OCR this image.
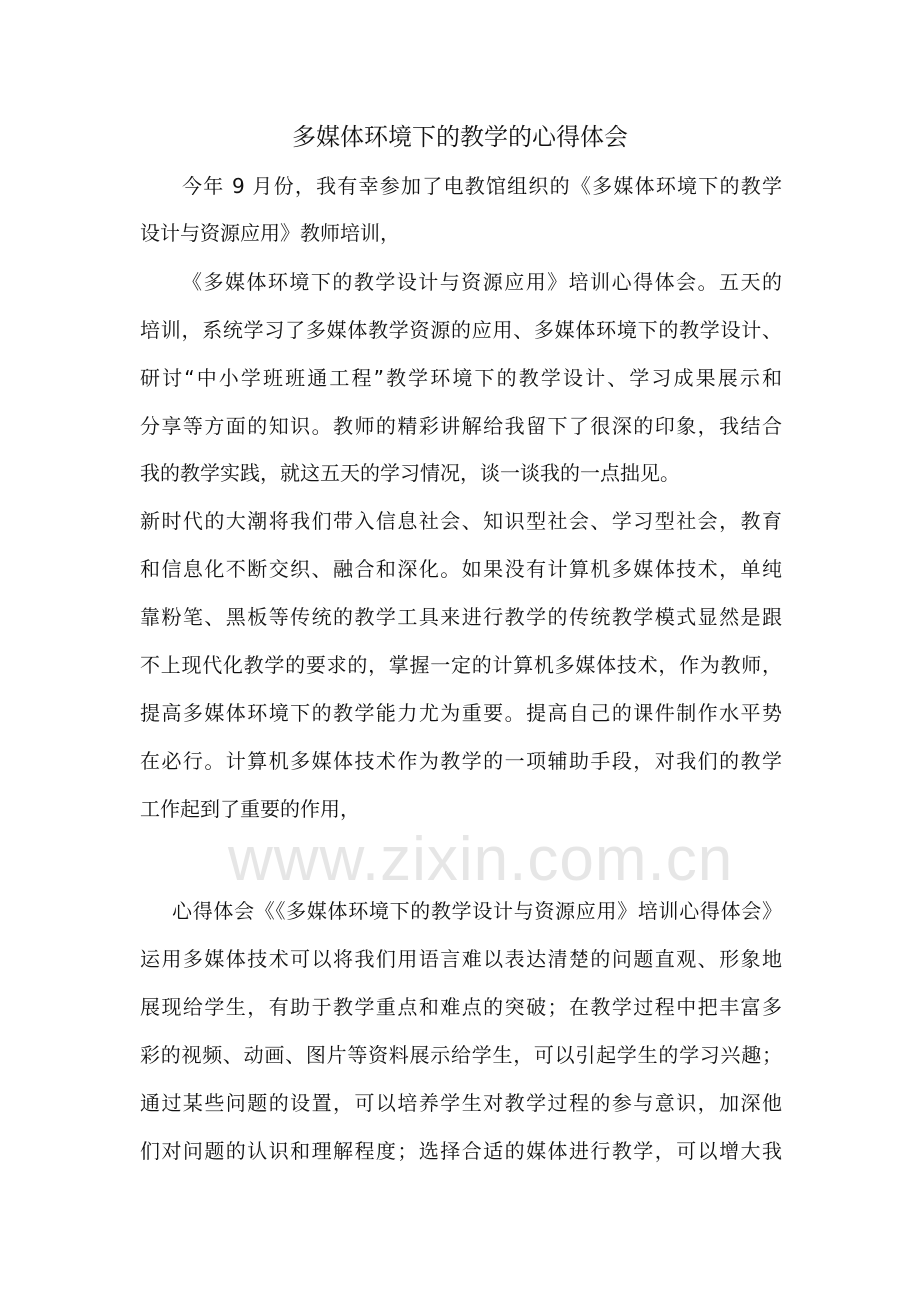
多媒体环境下的教学的心得体会
今年 9 月份，我有幸参加了电教馆组织的《多媒体环境下的教学
设计与资源应用》教师培训，
《多媒体环境下的教学设计与资源应用》培训心得体会。五天的
培训，系统学习了多媒体教学资源的应用、多媒体环境下的教学设计、
研讨“中小学班班通工程”教学环境下的教学设计、学习成果展示和
分享等方面的知识。教师的精彩讲解给我留下了很深的印象，我结合
我的教学实践，就这五天的学习情况，谈一谈我的一点拙见。
新时代的大潮将我们带入信息社会、知识型社会、学习型社会，教育
和信息化不断交织、融合和深化。如果没有计算机多媒体技术，单纯
靠粉笔、黑板等传统的教学工具来进行教学的传统教学模式显然是跟
不上现代化教学的要求的，掌握一定的计算机多媒体技术，作为教师，
提高多媒体环境下的教学能力尤为重要。提高自己的课件制作水平势
在必行。计算机多媒体技术作为教学的一项辅助手段，对我们的教学
工作起到了重要的作用，
www.zixin.com.cn
心得体会《《多媒体环境下的教学设计与资源应用》培训心得体会》
运用多媒体技术可以将我们用语言难以表达清楚的问题直观、形象地
展现给学生，有助于教学重点和难点的突破；在教学过程中把丰富多
彩的视频、动画、图片等资料展示给学生，可以引起学生的学习兴趣；
通过某些问题的设置，可以培养学生对教学过程的参与意识，加深他
们对问题的认识和理解程度；选择合适的媒体进行教学，可以增大我
